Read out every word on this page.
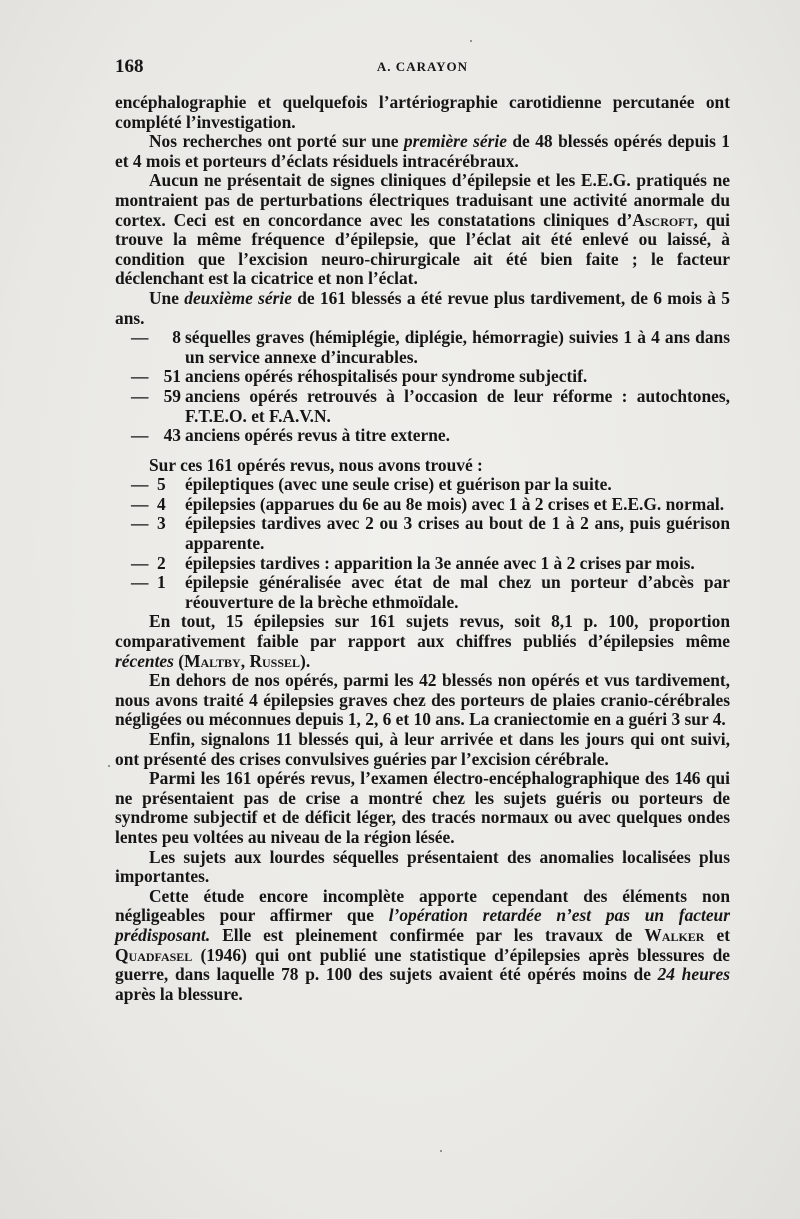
168	A. CARAYON

encéphalographie et quelquefois l’artériographie carotidienne percutanée ont complété l’investigation.

Nos recherches ont porté sur une première série de 48 blessés opérés depuis 1 et 4 mois et porteurs d’éclats résiduels intracérébraux.

Aucun ne présentait de signes cliniques d’épilepsie et les E.E.G. pratiqués ne montraient pas de perturbations électriques traduisant une activité anormale du cortex. Ceci est en concordance avec les constatations cliniques d’Ascroft, qui trouve la même fréquence d’épilepsie, que l’éclat ait été enlevé ou laissé, à condition que l’excision neuro-chirurgicale ait été bien faite ; le facteur déclenchant est la cicatrice et non l’éclat.

Une deuxième série de 161 blessés a été revue plus tardivement, de 6 mois à 5 ans.

—	8 séquelles graves (hémiplégie, diplégie, hémorragie) suivies 1 à 4 ans dans un service annexe d’incurables.
— 51 anciens opérés réhospitalisés pour syndrome subjectif.
— 59 anciens opérés retrouvés à l’occasion de leur réforme : autochtones, F.T.E.O. et F.A.V.N.
— 43 anciens opérés revus à titre externe.

Sur ces 161 opérés revus, nous avons trouvé :

— 5	épileptiques (avec une seule crise) et guérison par la suite.
— 4	épilepsies (apparues du 6e au 8e mois) avec 1 à 2 crises et E.E.G. normal.
— 3	épilepsies tardives avec 2 ou 3 crises au bout de 1 à 2 ans, puis guérison apparente.
— 2	épilepsies tardives : apparition la 3e année avec 1 à 2 crises par mois.
— 1	épilepsie généralisée avec état de mal chez un porteur d’abcès par réouverture de la brèche ethmoïdale.

En tout, 15 épilepsies sur 161 sujets revus, soit 8,1 p. 100, proportion comparativement faible par rapport aux chiffres publiés d’épilepsies même récentes (Maltby, Russel).

En dehors de nos opérés, parmi les 42 blessés non opérés et vus tardivement, nous avons traité 4 épilepsies graves chez des porteurs de plaies cranio-cérébrales négligées ou méconnues depuis 1, 2, 6 et 10 ans. La craniectomie en a guéri 3 sur 4.

Enfin, signalons 11 blessés qui, à leur arrivée et dans les jours qui ont suivi, ont présenté des crises convulsives guéries par l’excision cérébrale.

Parmi les 161 opérés revus, l’examen électro-encéphalographique des 146 qui ne présentaient pas de crise a montré chez les sujets guéris ou porteurs de syndrome subjectif et de déficit léger, des tracés normaux ou avec quelques ondes lentes peu voltées au niveau de la région lésée.

Les sujets aux lourdes séquelles présentaient des anomalies localisées plus importantes.

Cette étude encore incomplète apporte cependant des éléments non négligeables pour affirmer que l’opération retardée n’est pas un facteur prédisposant. Elle est pleinement confirmée par les travaux de Walker et Quadfasel (1946) qui ont publié une statistique d’épilepsies après blessures de guerre, dans laquelle 78 p. 100 des sujets avaient été opérés moins de 24 heures après la blessure.
